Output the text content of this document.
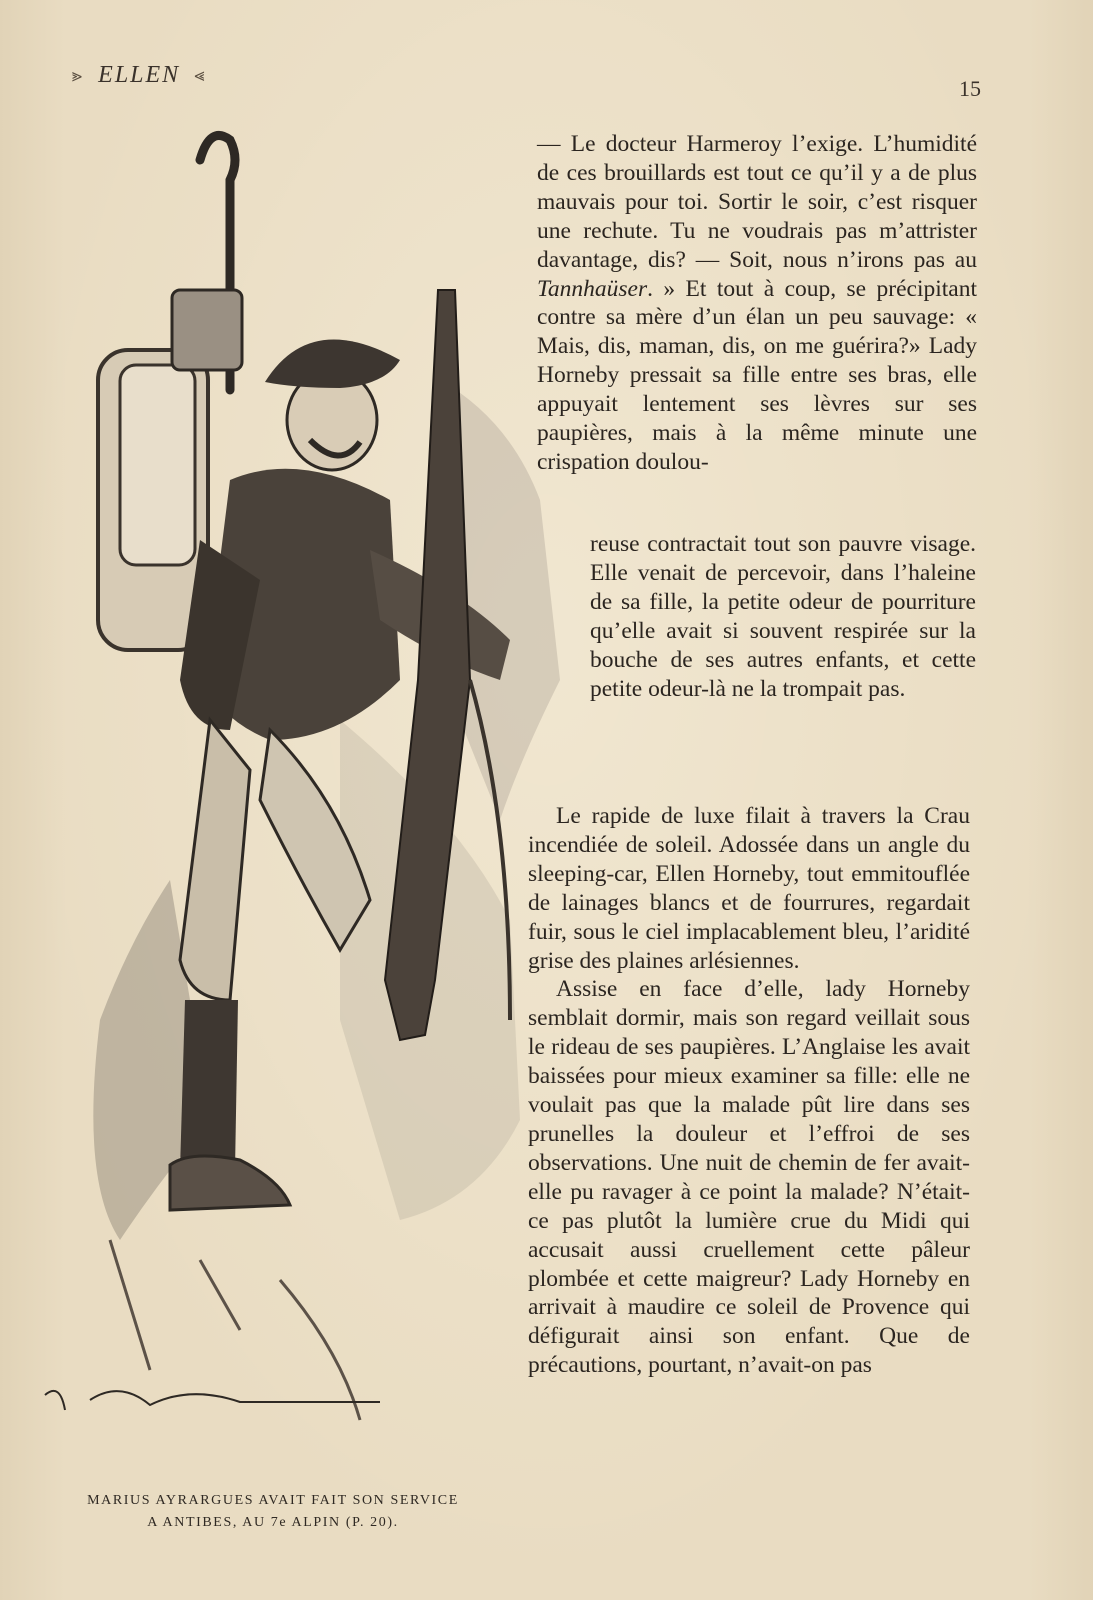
⪢ ELLEN ⪡
15

MARIUS AYRARGUES AVAIT FAIT SON SERVICE

A ANTIBES, AU 7e ALPIN (P. 20).

— Le docteur Harmeroy l’exige. L’humidité de ces brouillards est tout ce qu’il y a de plus mauvais pour toi. Sortir le soir, c’est risquer une rechute. Tu ne voudrais pas m’attrister davantage, dis? — Soit, nous n’irons pas au Tannhaüser. » Et tout à coup, se précipitant contre sa mère d’un élan un peu sauvage: « Mais, dis, maman, dis, on me guérira?» Lady Horneby pressait sa fille entre ses bras, elle appuyait lentement ses lèvres sur ses paupières, mais à la même minute une crispation doulou-

reuse contractait tout son pauvre visage. Elle venait de percevoir, dans l’haleine de sa fille, la petite odeur de pourriture qu’elle avait si souvent respirée sur la bouche de ses autres enfants, et cette petite odeur-là ne la trompait pas.

Le rapide de luxe filait à travers la Crau incendiée de soleil. Adossée dans un angle du sleeping-car, Ellen Horneby, tout emmitouflée de lainages blancs et de fourrures, regardait fuir, sous le ciel implacablement bleu, l’aridité grise des plaines arlésiennes.

Assise en face d’elle, lady Horneby semblait dormir, mais son regard veillait sous le rideau de ses paupières. L’Anglaise les avait baissées pour mieux examiner sa fille: elle ne voulait pas que la malade pût lire dans ses prunelles la douleur et l’effroi de ses observations. Une nuit de chemin de fer avait-elle pu ravager à ce point la malade? N’était-ce pas plutôt la lumière crue du Midi qui accusait aussi cruellement cette pâleur plombée et cette maigreur? Lady Horneby en arrivait à maudire ce soleil de Provence qui défigurait ainsi son enfant. Que de précautions, pourtant, n’avait-on pas
